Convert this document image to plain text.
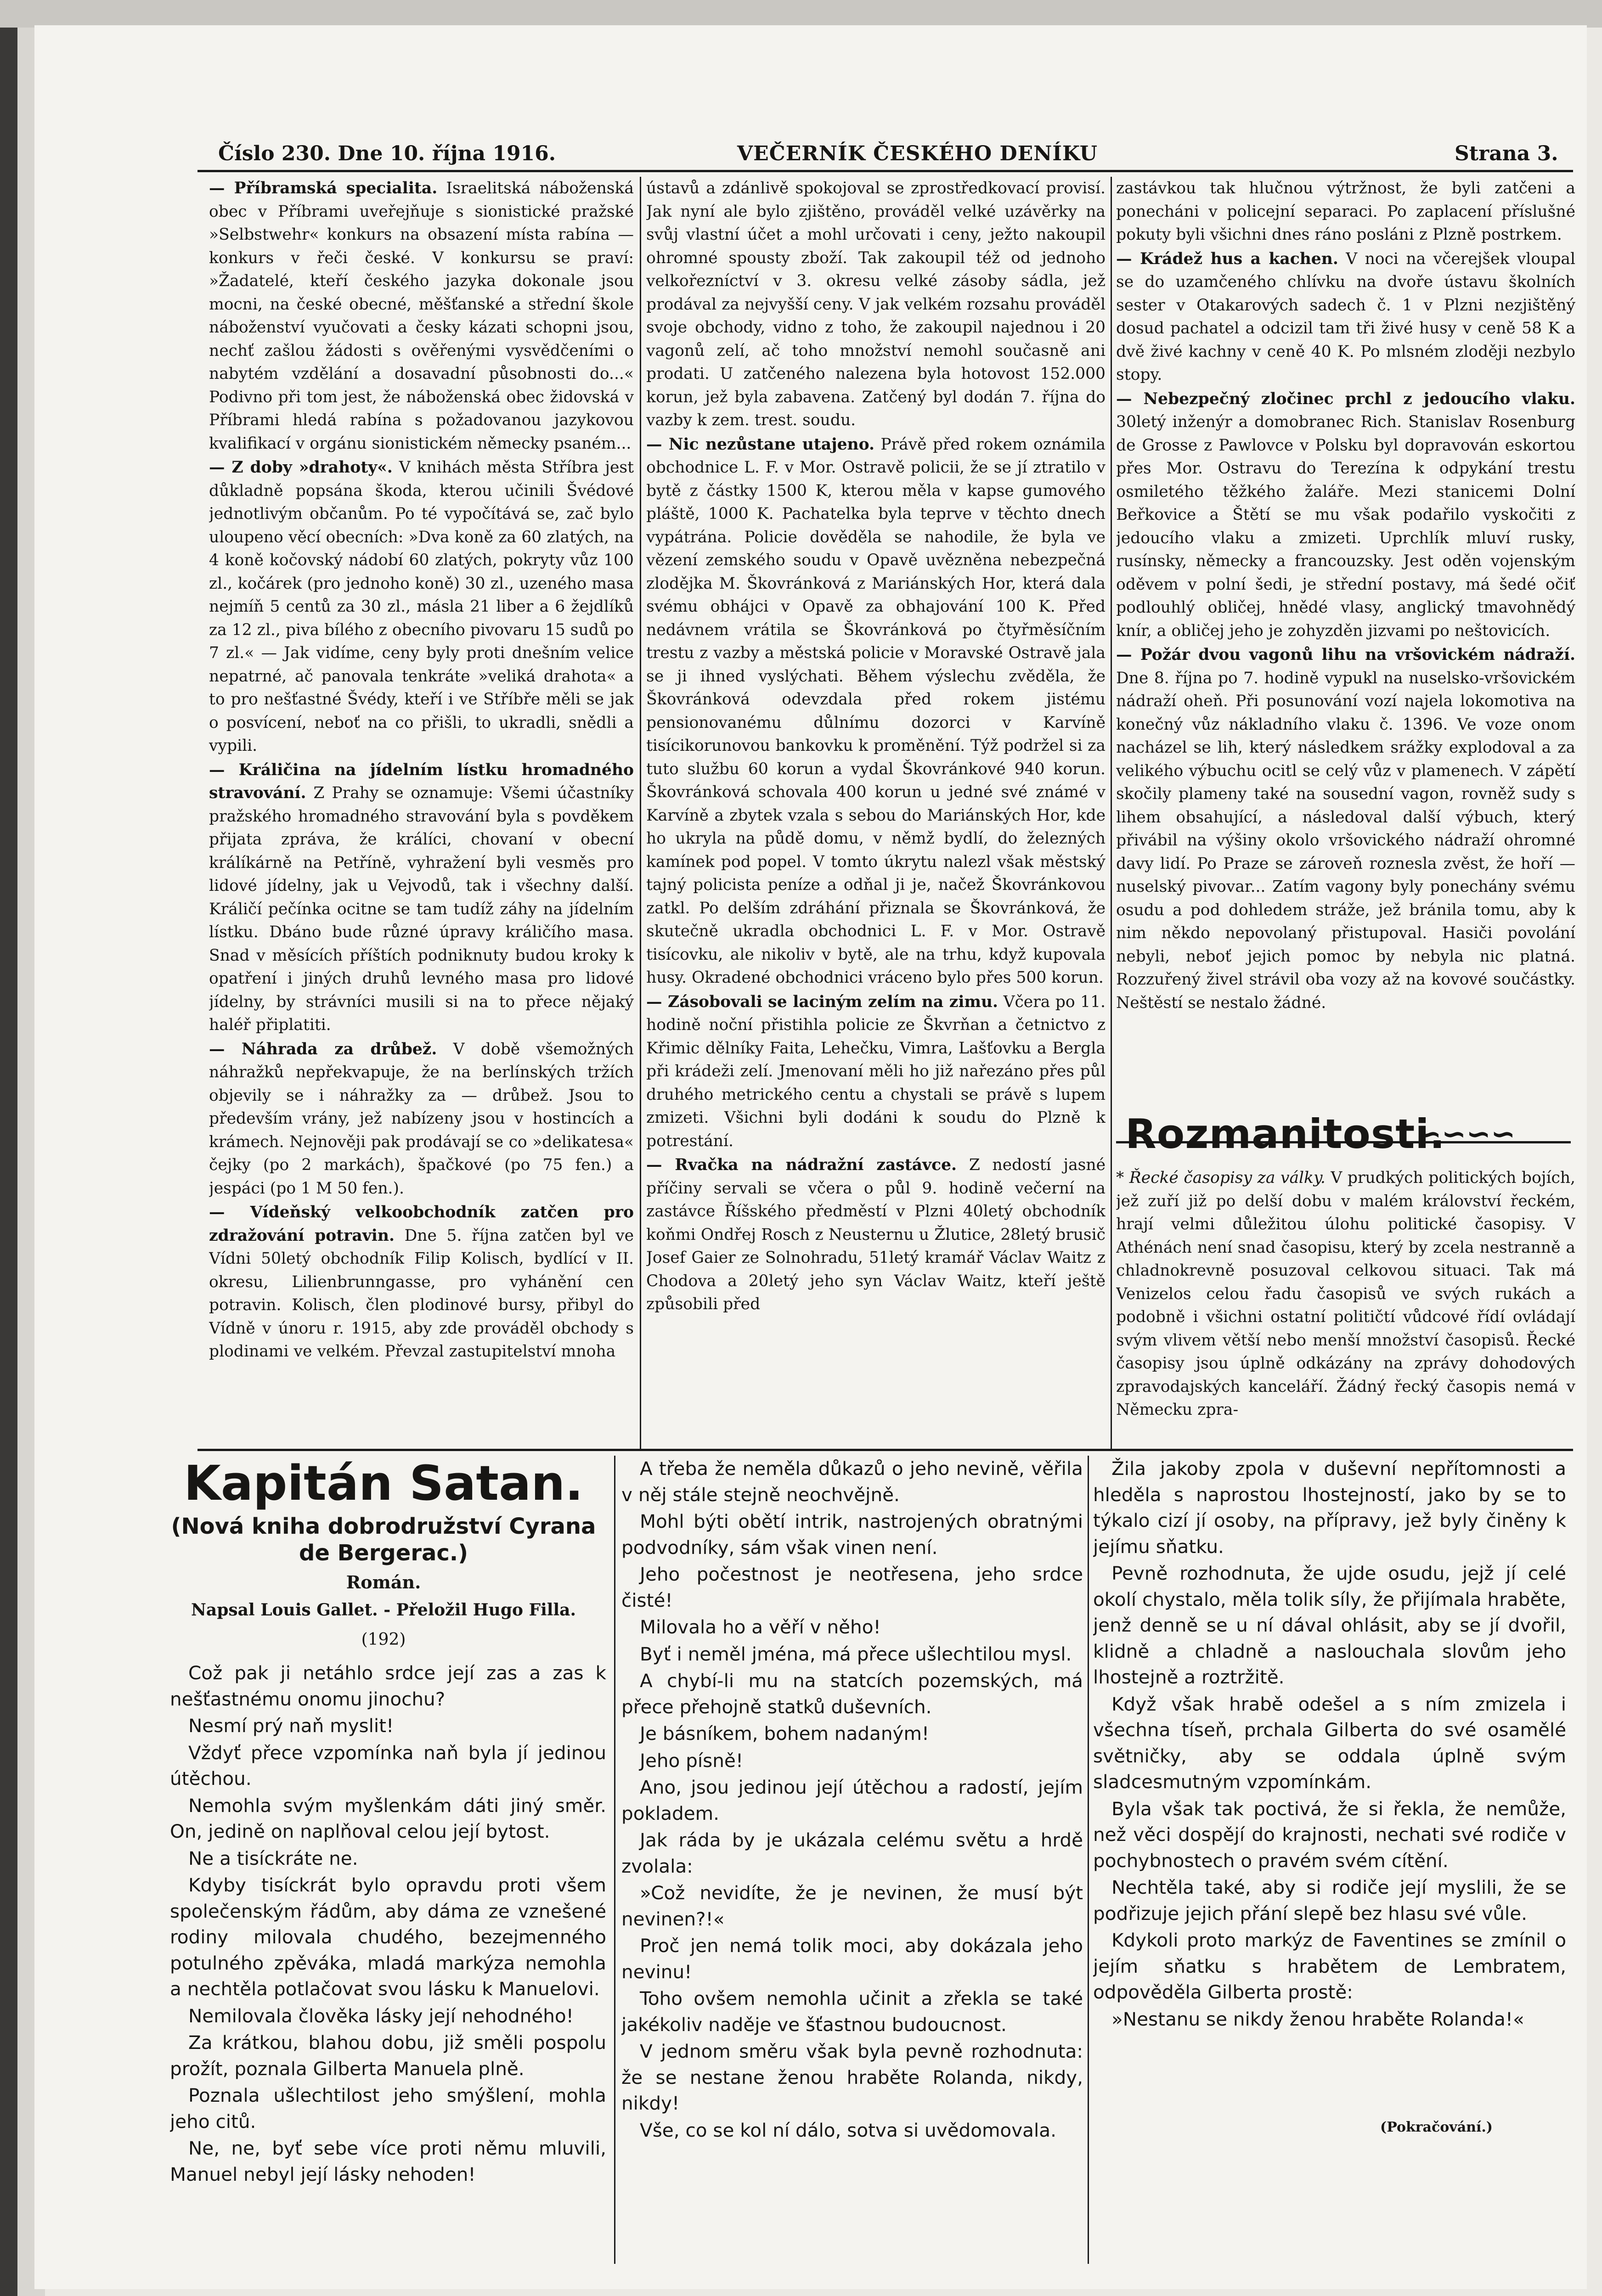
Číslo 230. Dne 10. října 1916.	VEČERNÍK ČESKÉHO DENÍKU	Strana 3.

— Příbramská specialita. Israelitská náboženská obec v Příbrami uveřejňuje s sionistické pražské »Selbstwehr« konkurs na obsazení místa rabína — konkurs v řeči české. V konkursu se praví: »Žadatelé, kteří českého jazyka dokonale jsou mocni, na české obecné, měšťanské a střední škole náboženství vyučovati a česky kázati schopni jsou, nechť zašlou žádosti s ověřenými vysvědčeními o nabytém vzdělání a dosavadní působnosti do...« Podivno při tom jest, že náboženská obec židovská v Příbrami hledá rabína s požadovanou jazykovou kvalifikací v orgánu sionistickém německy psaném...

— Z doby »drahoty«. V knihách města Stříbra jest důkladně popsána škoda, kterou učinili Švédové jednotlivým občanům. Po té vypočítává se, zač bylo uloupeno věcí obecních: »Dva koně za 60 zlatých, na 4 koně kočovský nádobí 60 zlatých, pokryty vůz 100 zl., kočárek (pro jednoho koně) 30 zl., uzeného masa nejmíň 5 centů za 30 zl., másla 21 liber a 6 žejdlíků za 12 zl., piva bílého z obecního pivovaru 15 sudů po 7 zl.« — Jak vidíme, ceny byly proti dnešním velice nepatrné, ač panovala tenkráte »veliká drahota« a to pro nešťastné Švédy, kteří i ve Stříbře měli se jak o posvícení, neboť na co přišli, to ukradli, snědli a vypili.

— Králičina na jídelním lístku hromadného stravování. Z Prahy se oznamuje: Všemi účastníky pražského hromadného stravování byla s povděkem přijata zpráva, že králíci, chovaní v obecní králíkárně na Petříně, vyhražení byli vesměs pro lidové jídelny, jak u Vejvodů, tak i všechny další. Králičí pečínka ocitne se tam tudíž záhy na jídelním lístku. Dbáno bude různé úpravy králičího masa. Snad v měsících příštích podniknuty budou kroky k opatření i jiných druhů levného masa pro lidové jídelny, by strávníci musili si na to přece nějaký haléř připlatiti.

— Náhrada za drůbež. V době všemožných náhražků nepřekvapuje, že na berlínských tržích objevily se i náhražky za — drůbež. Jsou to především vrány, jež nabízeny jsou v hostincích a krámech. Nejnověji pak prodávají se co »delikatesa« čejky (po 2 markách), špačkové (po 75 fen.) a jespáci (po 1 M 50 fen.).

— Vídeňský velkoobchodník zatčen pro zdražování potravin. Dne 5. října zatčen byl ve Vídni 50letý obchodník Filip Kolisch, bydlící v II. okresu, Lilienbrunngasse, pro vyhánění cen potravin. Kolisch, člen plodinové bursy, přibyl do Vídně v únoru r. 1915, aby zde prováděl obchody s plodinami ve velkém. Převzal zastupitelství mnoha

ústavů a zdánlivě spokojoval se zprostředkovací provisí. Jak nyní ale bylo zjištěno, prováděl velké uzávěrky na svůj vlastní účet a mohl určovati i ceny, ježto nakoupil ohromné spousty zboží. Tak zakoupil též od jednoho velkořezníctví v 3. okresu velké zásoby sádla, jež prodával za nejvyšší ceny. V jak velkém rozsahu prováděl svoje obchody, vidno z toho, že zakoupil najednou i 20 vagonů zelí, ač toho množství nemohl současně ani prodati. U zatčeného nalezena byla hotovost 152.000 korun, jež byla zabavena. Zatčený byl dodán 7. října do vazby k zem. trest. soudu.

— Nic nezůstane utajeno. Právě před rokem oznámila obchodnice L. F. v Mor. Ostravě policii, že se jí ztratilo v bytě z částky 1500 K, kterou měla v kapse gumového pláště, 1000 K. Pachatelka byla teprve v těchto dnech vypátrána. Policie dověděla se nahodile, že byla ve vězení zemského soudu v Opavě uvězněna nebezpečná zlodějka M. Škovránková z Mariánských Hor, která dala svému obhájci v Opavě za obhajování 100 K. Před nedávnem vrátila se Škovránková po čtyřměsíčním trestu z vazby a městská policie v Moravské Ostravě jala se ji ihned vyslýchati. Během výslechu zvěděla, že Škovránková odevzdala před rokem jistému pensionovanému důlnímu dozorci v Karvíně tisícikorunovou bankovku k proměnění. Týž podržel si za tuto službu 60 korun a vydal Škovránkové 940 korun. Škovránková schovala 400 korun u jedné své známé v Karvíně a zbytek vzala s sebou do Mariánských Hor, kde ho ukryla na půdě domu, v němž bydlí, do železných kamínek pod popel. V tomto úkrytu nalezl však městský tajný policista peníze a odňal ji je, načež Škovránkovou zatkl. Po delším zdráhání přiznala se Škovránková, že skutečně ukradla obchodnici L. F. v Mor. Ostravě tisícovku, ale nikoliv v bytě, ale na trhu, když kupovala husy. Okradené obchodnici vráceno bylo přes 500 korun.

— Zásobovali se laciným zelím na zimu. Včera po 11. hodině noční přistihla policie ze Škvrňan a četnictvo z Křimic dělníky Faita, Lehečku, Vimra, Lašťovku a Bergla při krádeži zelí. Jmenovaní měli ho již nařezáno přes půl druhého metrického centu a chystali se právě s lupem zmizeti. Všichni byli dodáni k soudu do Plzně k potrestání.

— Rvačka na nádražní zastávce. Z nedostí jasné příčiny servali se včera o půl 9. hodině večerní na zastávce Říšského předměstí v Plzni 40letý obchodník koňmi Ondřej Rosch z Neusternu u Žlutice, 28letý brusič Josef Gaier ze Solnohradu, 51letý kramář Václav Waitz z Chodova a 20letý jeho syn Václav Waitz, kteří ještě způsobili před

zastávkou tak hlučnou výtržnost, že byli zatčeni a ponecháni v policejní separaci. Po zaplacení příslušné pokuty byli všichni dnes ráno posláni z Plzně postrkem.

— Krádež hus a kachen. V noci na včerejšek vloupal se do uzamčeného chlívku na dvoře ústavu školních sester v Otakarových sadech č. 1 v Plzni nezjištěný dosud pachatel a odcizil tam tři živé husy v ceně 58 K a dvě živé kachny v ceně 40 K. Po mlsném zloději nezbylo stopy.

— Nebezpečný zločinec prchl z jedoucího vlaku. 30letý inženýr a domobranec Rich. Stanislav Rosenburg de Grosse z Pawlovce v Polsku byl dopravován eskortou přes Mor. Ostravu do Terezína k odpykání trestu osmiletého těžkého žaláře. Mezi stanicemi Dolní Beřkovice a Štětí se mu však podařilo vyskočiti z jedoucího vlaku a zmizeti. Uprchlík mluví rusky, rusínsky, německy a francouzsky. Jest oděn vojenským oděvem v polní šedi, je střední postavy, má šedé očiť podlouhlý obličej, hnědé vlasy, anglický tmavohnědý knír, a obličej jeho je zohyzděn jizvami po neštovicích.

— Požár dvou vagonů lihu na vršovickém nádraží. Dne 8. října po 7. hodině vypukl na nuselsko-vršovickém nádraží oheň. Při posunování vozí najela lokomotiva na konečný vůz nákladního vlaku č. 1396. Ve voze onom nacházel se lih, který následkem srážky explodoval a za velikého výbuchu ocitl se celý vůz v plamenech. V zápětí skočily plameny také na sousední vagon, rovněž sudy s lihem obsahující, a následoval další výbuch, který přivábil na výšiny okolo vršovického nádraží ohromné davy lidí. Po Praze se zároveň roznesla zvěst, že hoří — nuselský pivovar... Zatím vagony byly ponechány svému osudu a pod dohledem stráže, jež bránila tomu, aby k nim někdo nepovolaný přistupoval. Hasiči povolání nebyli, neboť jejich pomoc by nebyla nic platná. Rozzuřený živel strávil oba vozy až na kovové součástky. Neštěstí se nestalo žádné.

Rozmanitosti.
∽∽∽∽

* Řecké časopisy za války. V prudkých politických bojích, jež zuří již po delší dobu v malém království řeckém, hrají velmi důležitou úlohu politické časopisy. V Athénách není snad časopisu, který by zcela nestranně a chladnokrevně posuzoval celkovou situaci. Tak má Venizelos celou řadu časopisů ve svých rukách a podobně i všichni ostatní političtí vůdcové řídí ovládají svým vlivem větší nebo menší množství časopisů. Řecké časopisy jsou úplně odkázány na zprávy dohodových zpravodajských kanceláří. Žádný řecký časopis nemá v Německu zpra-

Kapitán Satan.
(Nová kniha dobrodružství Cyrana de Bergerac.)
Román.
Napsal Louis Gallet. - Přeložil Hugo Filla.
(192)

Což pak ji netáhlo srdce její zas a zas k nešťastnému onomu jinochu?

Nesmí prý naň myslit!

Vždyť přece vzpomínka naň byla jí jedinou útěchou.

Nemohla svým myšlenkám dáti jiný směr. On, jedině on naplňoval celou její bytost.

Ne a tisíckráte ne.

Kdyby tisíckrát bylo opravdu proti všem společenským řádům, aby dáma ze vznešené rodiny milovala chudého, bezejmenného potulného zpěváka, mladá markýza nemohla a nechtěla potlačovat svou lásku k Manuelovi.

Nemilovala člověka lásky její nehodného!

Za krátkou, blahou dobu, již směli pospolu prožít, poznala Gilberta Manuela plně.

Poznala ušlechtilost jeho smýšlení, mohla jeho citů.

Ne, ne, byť sebe více proti němu mluvili, Manuel nebyl její lásky nehoden!

A třeba že neměla důkazů o jeho nevině, věřila v něj stále stejně neochvějně.

Mohl býti obětí intrik, nastrojených obratnými podvodníky, sám však vinen není.

Jeho počestnost je neotřesena, jeho srdce čisté!

Milovala ho a věří v něho!

Byť i neměl jména, má přece ušlechtilou mysl.

A chybí-li mu na statcích pozemských, má přece přehojně statků duševních.

Je básníkem, bohem nadaným!

Jeho písně!

Ano, jsou jedinou její útěchou a radostí, jejím pokladem.

Jak ráda by je ukázala celému světu a hrdě zvolala:

»Což nevidíte, že je nevinen, že musí být nevinen?!«

Proč jen nemá tolik moci, aby dokázala jeho nevinu!

Toho ovšem nemohla učinit a zřekla se také jakékoliv naděje ve šťastnou budoucnost.

V jednom směru však byla pevně rozhodnuta: že se nestane ženou hraběte Rolanda, nikdy, nikdy!

Vše, co se kol ní dálo, sotva si uvědomovala.

Žila jakoby zpola v duševní nepřítomnosti a hleděla s naprostou lhostejností, jako by se to týkalo cizí jí osoby, na přípravy, jež byly činěny k jejímu sňatku.

Pevně rozhodnuta, že ujde osudu, jejž jí celé okolí chystalo, měla tolik síly, že přijímala hraběte, jenž denně se u ní dával ohlásit, aby se jí dvořil, klidně a chladně a naslouchala slovům jeho lhostejně a roztržitě.

Když však hrabě odešel a s ním zmizela i všechna tíseň, prchala Gilberta do své osamělé světničky, aby se oddala úplně svým sladcesmutným vzpomínkám.

Byla však tak poctivá, že si řekla, že nemůže, než věci dospějí do krajnosti, nechati své rodiče v pochybnostech o pravém svém cítění.

Nechtěla také, aby si rodiče její myslili, že se podřizuje jejich přání slepě bez hlasu své vůle.

Kdykoli proto markýz de Faventines se zmínil o jejím sňatku s hrabětem de Lembratem, odpověděla Gilberta prostě:

»Nestanu se nikdy ženou hraběte Rolanda!«

(Pokračování.)
